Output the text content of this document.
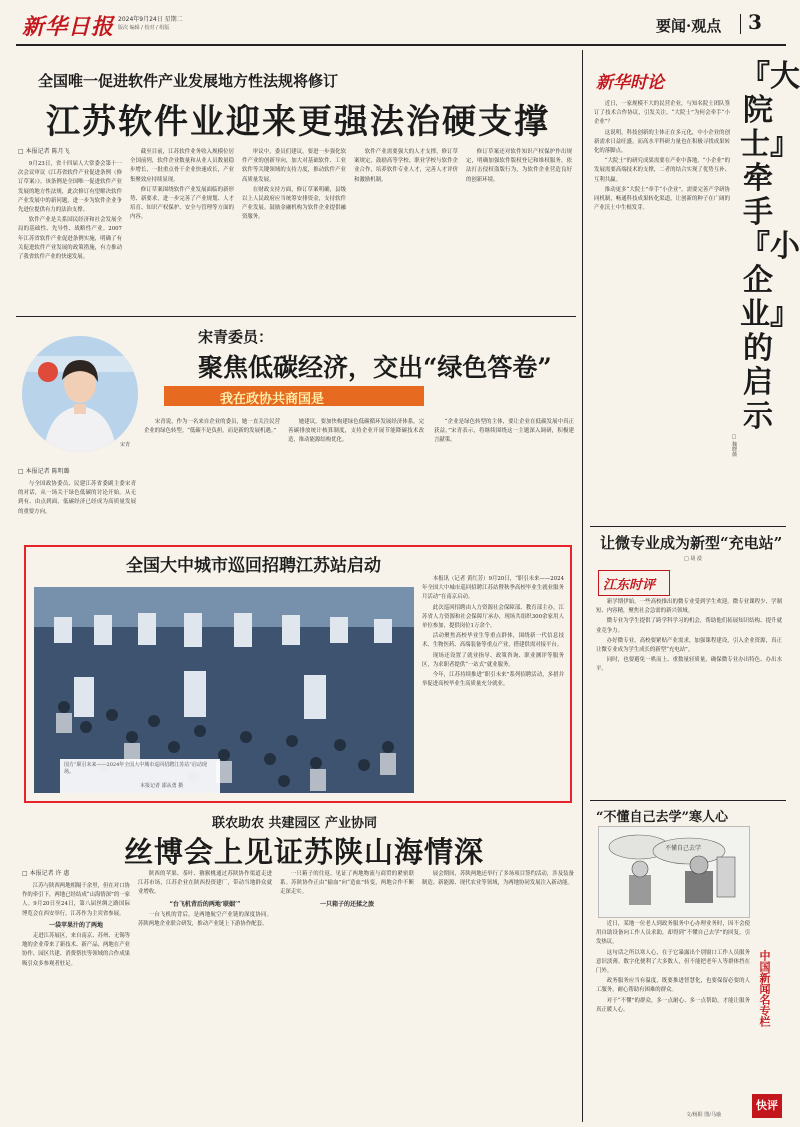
新华日报 2024年9月24日 星期二
版次 编辑 / 校对 / 组版	要闻·观点 3
全国唯一促进软件产业发展地方性法规将修订
江苏软件业迎来更强法治硬支撑
□ 本报记者 陈月飞

9月23日，省十四届人大常委会第十一次会议审议《江苏省软件产业促进条例（修订草案）》。该条例是全国唯一促进软件产业发展的地方性法规，此次修订有望解决软件产业发展中的新问题，进一步为软件企业争先进位提供有力的法治支撑。

软件产业是关系国民经济和社会发展全局的基础性、先导性、战略性产业。2007年江苏省软件产业促进条例实施，明确了有关促进软件产业发展的政策措施，有力推动了我省软件产业的快速发展。

截至目前，江苏软件业务收入规模位居全国前列，软件企业数量和从业人员数量稳步增长，一批重点骨干企业快速成长，产业集聚效应持续显现。

修订草案围绕软件产业发展面临的新形势、新要求，进一步完善了产业规划、人才培育、知识产权保护、安全与管理等方面的内容。

审议中，委员们建议，要进一步强化软件产业的创新导向，加大对基础软件、工业软件等关键领域的支持力度，推动软件产业高质量发展。

在财政支持方面，修订草案明确，县级以上人民政府应当统筹安排资金，支持软件产业发展。鼓励金融机构为软件企业提供融资服务。

软件产业需要强大的人才支撑。修订草案规定，鼓励高等学校、职业学校与软件企业合作，培养软件专业人才，完善人才评价和激励机制。

修订草案还对软件知识产权保护作出规定，明确加强软件版权登记和维权服务，依法打击侵权盗版行为，为软件企业营造良好的创新环境。

宋青
宋青委员：
聚焦低碳经济，交出“绿色答卷”
我在政协共商国是
□ 本报记者 陈明璐

与全国政协委员、民建江苏省委副主委宋青的对话，从一场关于绿色低碳的讨论开始。从无到有、由点到面，低碳经济已经成为高质量发展的重要方向。

宋青说，作为一名来自企业的委员，她一直关注民营企业的绿色转型。“低碳不是负担，而是新的发展机遇。”

她建议，要加快构建绿色低碳循环发展经济体系，完善碳排放统计核算制度，支持企业开展节能降碳技术改造，推动能源结构优化。

“企业是绿色转型的主体，要让企业在低碳发展中真正获益。”宋青表示，将继续围绕这一主题深入调研，积极建言献策。

全国大中城市巡回招聘江苏站启动
国方“职引未来——2024年全国大中城市巡回招聘江苏站”启动现场。
本报记者 邵从勇 摄

本报讯（记者 黄红芳）9月20日，“职引未来——2024年全国大中城市巡回招聘江苏站暨秋季高校毕业生就业服务月活动”在南京启动。

此次巡回招聘由人力资源社会保障部、教育部主办，江苏省人力资源和社会保障厅承办，现场共组织300余家用人单位参加，提供岗位1万余个。

活动聚焦高校毕业生等重点群体，围绕新一代信息技术、生物医药、高端装备等重点产业，搭建供需对接平台。

现场还设置了就业指导、政策咨询、职业测评等服务区，为求职者提供“一站式”就业服务。

今年，江苏持续推进“职引未来”系列招聘活动，多措并举促进高校毕业生高质量充分就业。

联农助农 共建园区 产业协同
丝博会上见证苏陕山海情深
□ 本报记者 许 惠

江苏与陕西两地相隔千余里，但在对口协作的牵引下，两地已经结成“山海情深”的一家人。9月20日至24日，第八届丝绸之路国际博览会在西安举行，江苏作为主宾省参展。

一袋苹果汁的了两地

走进江苏展区，来自南京、苏州、无锡等地的企业带来了新技术、新产品，两地在产业协作、园区共建、消费帮扶等领域的合作成果吸引众多参观者驻足。

陕西的苹果、茶叶、猕猴桃通过苏陕协作渠道走进江苏市场，江苏企业在陕西投资建厂，带动当地群众就业增收。

“台飞机背后的两地‘联姻’”

一台飞机的背后，是两地航空产业链的深度协同。苏陕两地企业联合研发，推动产业链上下游协作配套。

一只箱子的往返，见证了两地物流与商贸的紧密联系。苏陕协作正由“输血”向“造血”转变，两地合作不断走深走实。

一只箱子的还揉之旅

展会期间，苏陕两地还举行了多场项目签约活动，涉及装备制造、新能源、现代农业等领域，为两地协同发展注入新动能。

新华时论	『大院士』牵手『小企业』的启示
□ 魏晓薇

近日，一家规模不大的民营企业，与知名院士团队签订了技术合作协议，引发关注。“大院士”为何会牵手“小企业”？

这说明，科技创新的主体正在多元化，中小企业的创新需求日益旺盛，而高水平科研力量也在积极寻找成果转化的落脚点。

“大院士”的研究成果需要在产业中落地，“小企业”的发展需要高端技术的支撑，二者的结合实现了优势互补、互利共赢。

推动更多“大院士”牵手“小企业”，需要完善产学研协同机制，畅通科技成果转化渠道，让创新的种子在广阔的产业沃土中生根发芽。

让微专业成为新型“充电站”
□ 胡 漠
江东时评

新学期伊始，一些高校推出的微专业受到学生欢迎。微专业课程少、学制短、内容精，聚焦社会急需的新兴领域。

微专业为学生提供了跨学科学习的机会，帮助他们拓展知识结构、提升就业竞争力。

办好微专业，高校要紧贴产业需求，加强课程建设，引入企业资源，真正让微专业成为学生成长的新型“充电站”。

同时，也要避免一哄而上、重数量轻质量，确保微专业办出特色、办出水平。

“不懂自己去学”寒人心
不懂自己去学
中国新闻名专栏
快评

近日，某地一位老人到政务服务中心办理业务时，因不会使用自助设备向工作人员求助，却得到“不懂自己去学”的回复，引发热议。

这句话之所以寒人心，在于它暴露出个别窗口工作人员服务意识淡薄。数字化便利了大多数人，但不能把老年人等群体挡在门外。

政务服务应当有温度，既要推进智慧化，也要保留必要的人工服务，耐心帮助有困难的群众。

对于“不懂”的群众，多一点耐心、多一点帮助，才能让服务真正暖人心。

文/杨阳 图/马瑜
